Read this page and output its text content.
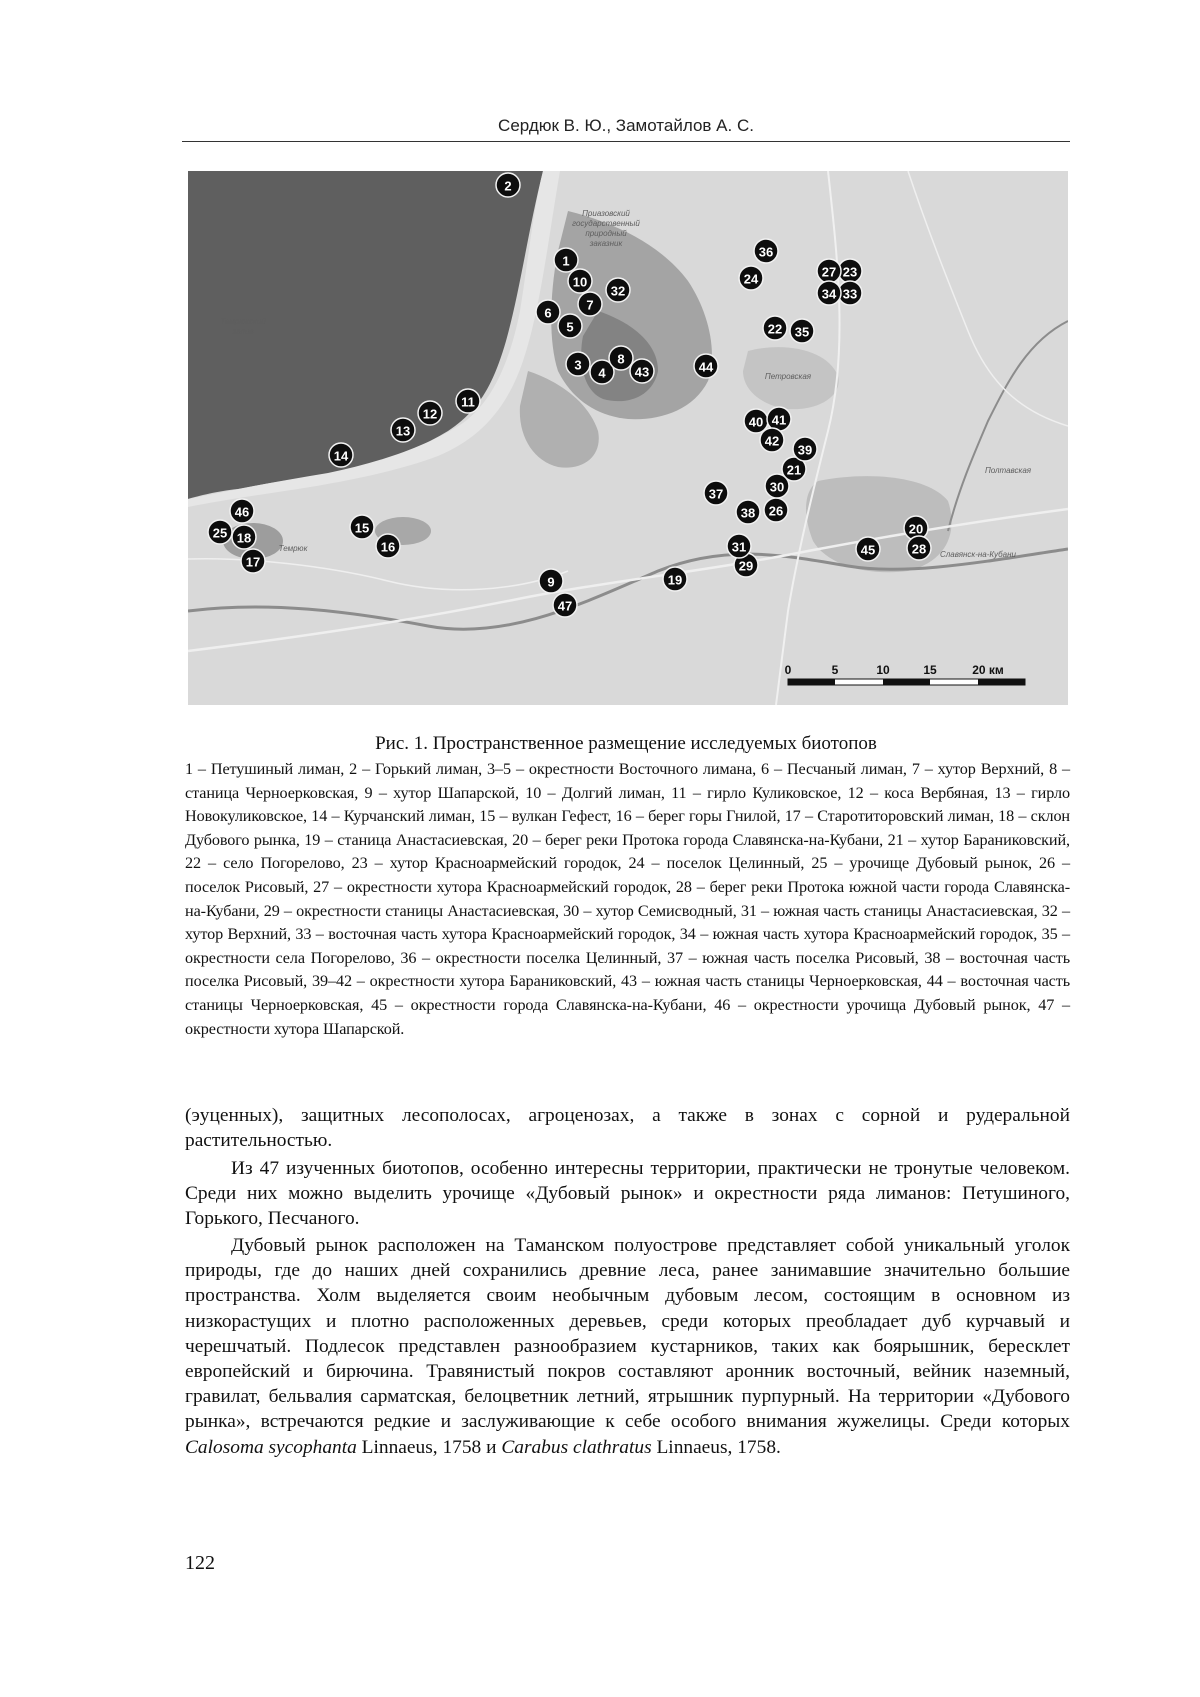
Сердюк В. Ю., Замотайлов А. С.
Темрюкский
залив
Приазовский
государственный
природный
заказник
Петровская
Славянск-на-Кубани
Темрюк
Полтавская
0	5	10	15	20 км
1
2
3
4
5
6
7
8
9
10
11
12
13
14
15
16
17
18
19
20
21
22
23
24
25
26
27
28
29
30
31
32	33
34
35
36
37
38
39
40 41
42
43	44
45
46
47
Рис. 1. Пространственное размещение исследуемых биотопов
1 – Петушиный лиман, 2 – Горький лиман, 3–5 – окрестности Восточного лимана, 6 – Песчаный лиман, 7 – хутор Верхний, 8 – станица Черноерковская, 9 – хутор Шапарской, 10 – Долгий лиман, 11 – гирло Куликовское, 12 – коса Вербяная, 13 – гирло Новокуликовское, 14 – Курчанский лиман, 15 – вулкан Гефест, 16 – берег горы Гнилой, 17 – Старотиторовский лиман, 18 – склон Дубового рынка, 19 – станица Анастасиевская, 20 – берег реки Протока города Славянска-на-Кубани, 21 – хутор Бараниковский, 22 – село Погорелово, 23 – хутор Красноармейский городок, 24 – поселок Целинный, 25 – урочище Дубовый рынок, 26 – поселок Рисовый, 27 – окрестности хутора Красноармейский городок, 28 – берег реки Протока южной части города Славянска-на-Кубани, 29 – окрестности станицы Анастасиевская, 30 – хутор Семисводный, 31 – южная часть станицы Анастасиевская, 32 – хутор Верхний, 33 – восточная часть хутора Красноармейский городок, 34 – южная часть хутора Красноармейский городок, 35 – окрестности села Погорелово, 36 – окрестности поселка Целинный, 37 – южная часть поселка Рисовый, 38 – восточная часть поселка Рисовый, 39–42 – окрестности хутора Бараниковский, 43 – южная часть станицы Черноерковская, 44 – восточная часть станицы Черноерковская, 45 – окрестности города Славянска-на-Кубани, 46 – окрестности урочища Дубовый рынок, 47 – окрестности хутора Шапарской.
(эуценных), защитных лесополосах, агроценозах, а также в зонах с сорной и рудеральной растительностью.
Из 47 изученных биотопов, особенно интересны территории, практически не тронутые человеком. Среди них можно выделить урочище «Дубовый рынок» и окрестности ряда лиманов: Петушиного, Горького, Песчаного.
Дубовый рынок расположен на Таманском полуострове представляет собой уникальный уголок природы, где до наших дней сохранились древние леса, ранее занимавшие значительно большие пространства. Холм выделяется своим необычным дубовым лесом, состоящим в основном из низкорастущих и плотно расположенных деревьев, среди которых преобладает дуб курчавый и черешчатый. Подлесок представлен разнообразием кустарников, таких как боярышник, бересклет европейский и бирючина. Травянистый покров составляют аронник восточный, вейник наземный, гравилат, бельвалия сарматская, белоцветник летний, ятрышник пурпурный. На территории «Дубового рынка», встречаются редкие и заслуживающие к себе особого внимания жужелицы. Среди которых Calosoma sycophanta Linnaeus, 1758 и Carabus clathratus Linnaeus, 1758.
122
